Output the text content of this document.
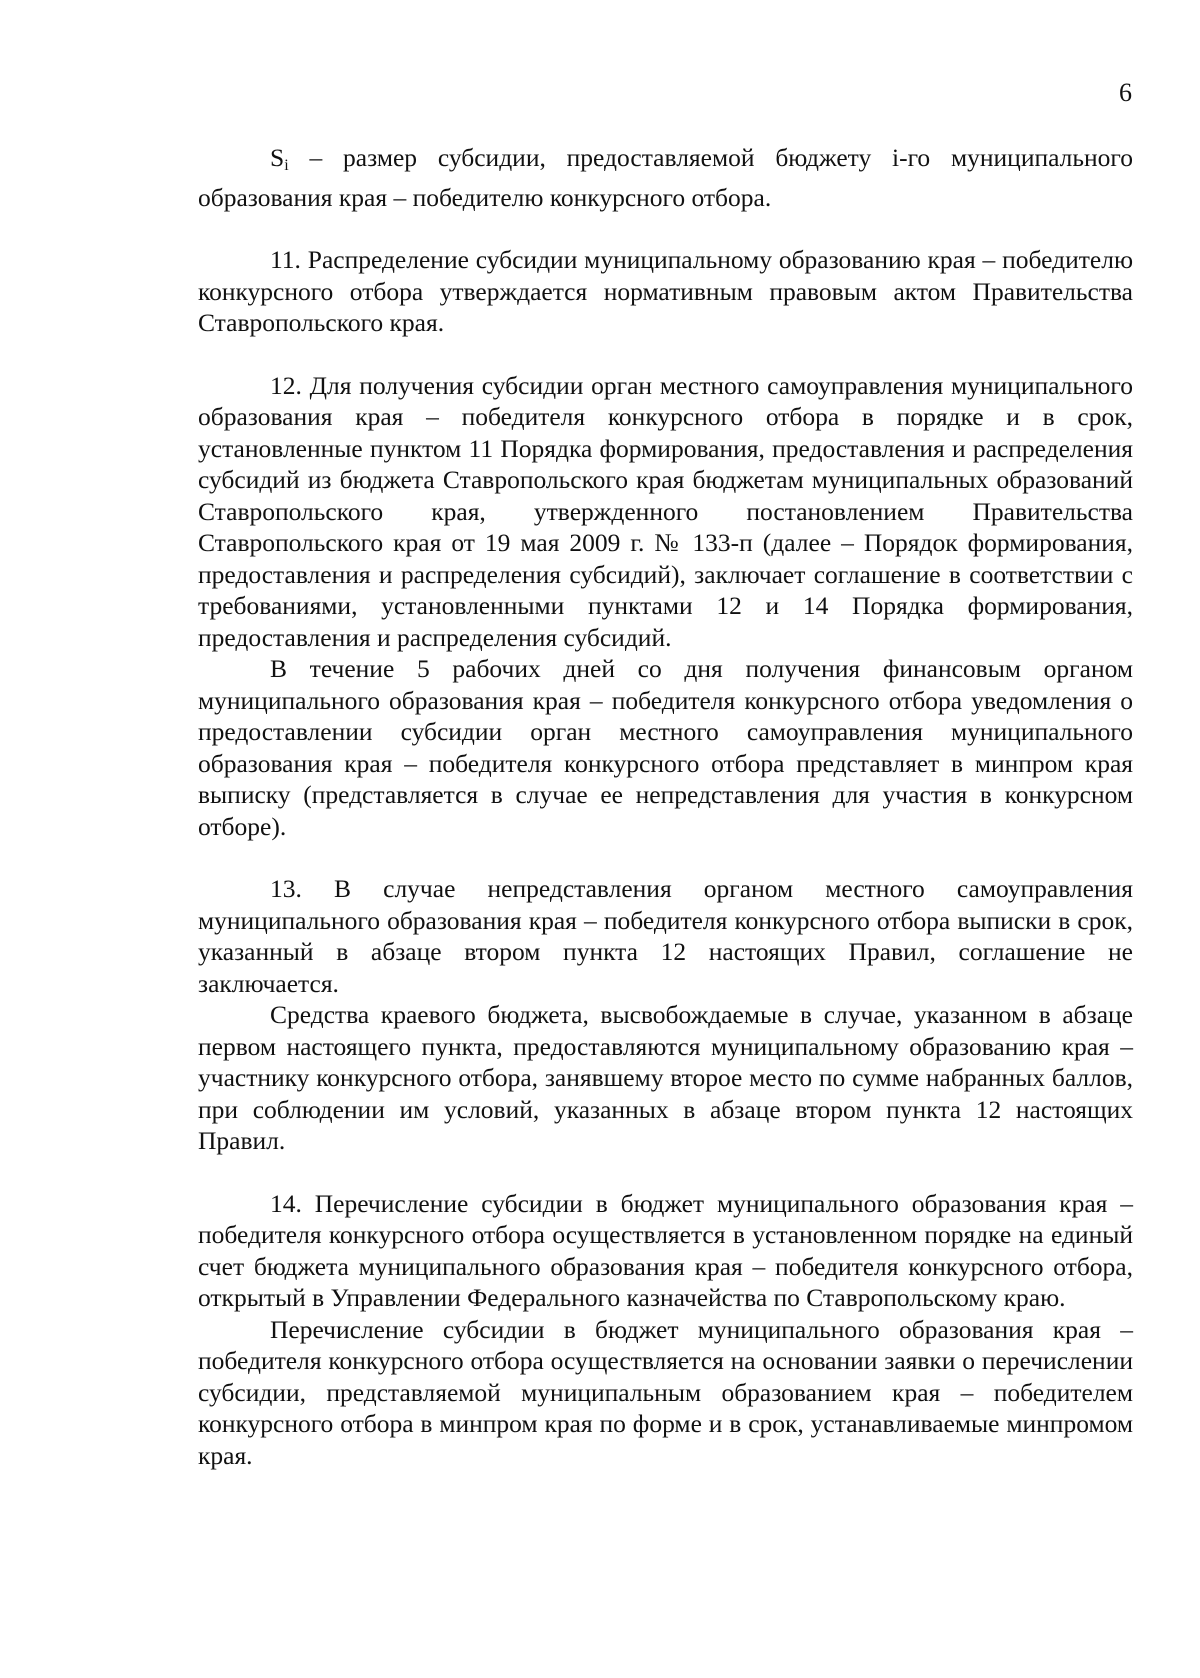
6

$S_i$ – размер субсидии, предоставляемой бюджету i-го муниципального образования края – победителю конкурсного отбора.

11. Распределение субсидии муниципальному образованию края – победителю конкурсного отбора утверждается нормативным правовым актом Правительства Ставропольского края.

12. Для получения субсидии орган местного самоуправления муниципального образования края – победителя конкурсного отбора в порядке и в срок, установленные пунктом 11 Порядка формирования, предоставления и распределения субсидий из бюджета Ставропольского края бюджетам муниципальных образований Ставропольского края, утвержденного постановлением Правительства Ставропольского края от 19 мая 2009 г. № 133-п (далее – Порядок формирования, предоставления и распределения субсидий), заключает соглашение в соответствии с требованиями, установленными пунктами 12 и 14 Порядка формирования, предоставления и распределения субсидий.

В течение 5 рабочих дней со дня получения финансовым органом муниципального образования края – победителя конкурсного отбора уведомления о предоставлении субсидии орган местного самоуправления муниципального образования края – победителя конкурсного отбора представляет в минпром края выписку (представляется в случае ее непредставления для участия в конкурсном отборе).

13. В случае непредставления органом местного самоуправления муниципального образования края – победителя конкурсного отбора выписки в срок, указанный в абзаце втором пункта 12 настоящих Правил, соглашение не заключается.

Средства краевого бюджета, высвобождаемые в случае, указанном в абзаце первом настоящего пункта, предоставляются муниципальному образованию края – участнику конкурсного отбора, занявшему второе место по сумме набранных баллов, при соблюдении им условий, указанных в абзаце втором пункта 12 настоящих Правил.

14. Перечисление субсидии в бюджет муниципального образования края – победителя конкурсного отбора осуществляется в установленном порядке на единый счет бюджета муниципального образования края – победителя конкурсного отбора, открытый в Управлении Федерального казначейства по Ставропольскому краю.

Перечисление субсидии в бюджет муниципального образования края – победителя конкурсного отбора осуществляется на основании заявки о перечислении субсидии, представляемой муниципальным образованием края – победителем конкурсного отбора в минпром края по форме и в срок, устанавливаемые минпромом края.
